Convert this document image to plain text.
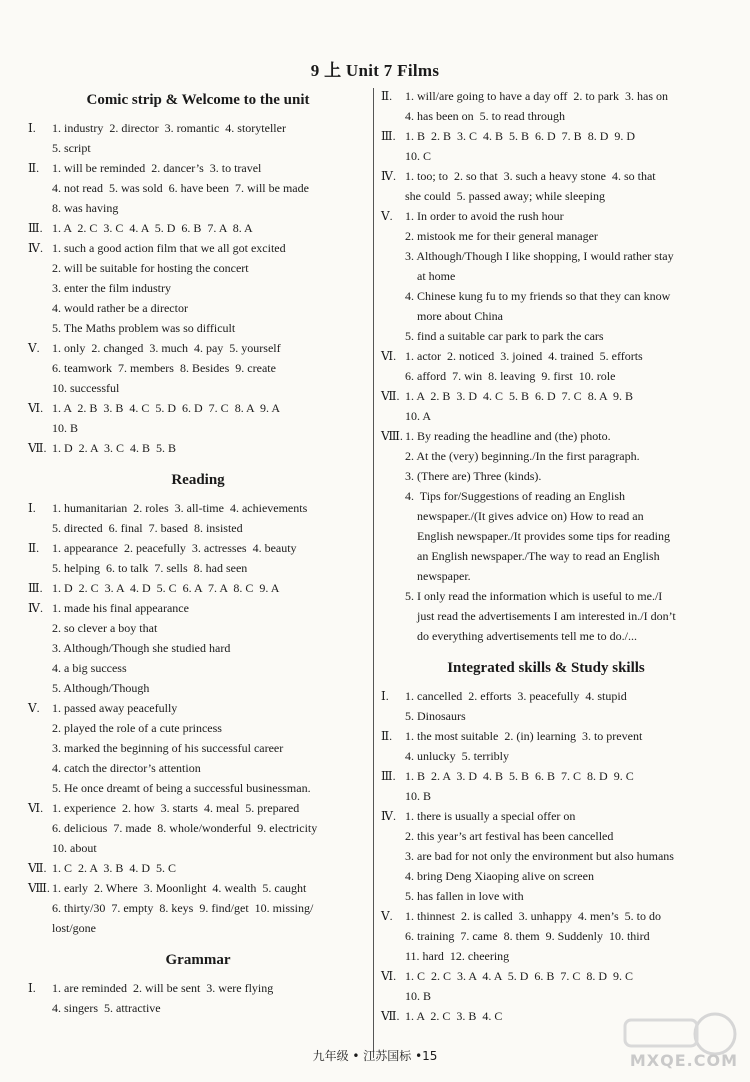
9 上 Unit 7 Films
Comic strip & Welcome to the unit
Ⅰ.	1. industry  2. director  3. romantic  4. storyteller
5. script
Ⅱ.	1. will be reminded  2. dancer’s  3. to travel
4. not read  5. was sold  6. have been  7. will be made
8. was having
Ⅲ. 1. A  2. C  3. C  4. A  5. D  6. B  7. A  8. A
Ⅳ. 1. such a good action film that we all got excited
2. will be suitable for hosting the concert
3. enter the film industry
4. would rather be a director
5. The Maths problem was so difficult
Ⅴ.	1. only  2. changed  3. much  4. pay  5. yourself
6. teamwork  7. members  8. Besides  9. create
10. successful
Ⅵ. 1. A  2. B  3. B  4. C  5. D  6. D  7. C  8. A  9. A
10. B
Ⅶ. 1. D  2. A  3. C  4. B  5. B
Reading
Ⅰ.	1. humanitarian  2. roles  3. all-time  4. achievements
5. directed  6. final  7. based  8. insisted
Ⅱ.	1. appearance  2. peacefully  3. actresses  4. beauty
5. helping  6. to talk  7. sells  8. had seen
Ⅲ. 1. D  2. C  3. A  4. D  5. C  6. A  7. A  8. C  9. A
Ⅳ. 1. made his final appearance
2. so clever a boy that
3. Although/Though she studied hard
4. a big success
5. Although/Though
Ⅴ.	1. passed away peacefully
2. played the role of a cute princess
3. marked the beginning of his successful career
4. catch the director’s attention
5. He once dreamt of being a successful businessman.
Ⅵ. 1. experience  2. how  3. starts  4. meal  5. prepared
6. delicious  7. made  8. whole/wonderful  9. electricity
10. about
Ⅶ. 1. C  2. A  3. B  4. D  5. C
Ⅷ. 1. early  2. Where  3. Moonlight  4. wealth  5. caught
6. thirty/30  7. empty  8. keys  9. find/get  10. missing/
lost/gone
Grammar
Ⅰ.	1. are reminded  2. will be sent  3. were flying
4. singers  5. attractive
Ⅱ.	1. will/are going to have a day off  2. to park  3. has on
4. has been on  5. to read through
Ⅲ. 1. B  2. B  3. C  4. B  5. B  6. D  7. B  8. D  9. D
10. C
Ⅳ. 1. too; to  2. so that  3. such a heavy stone  4. so that
she could  5. passed away; while sleeping
Ⅴ.	1. In order to avoid the rush hour
2. mistook me for their general manager
3. Although/Though I like shopping, I would rather stay
at home
4. Chinese kung fu to my friends so that they can know
more about China
5. find a suitable car park to park the cars
Ⅵ. 1. actor  2. noticed  3. joined  4. trained  5. efforts
6. afford  7. win  8. leaving  9. first  10. role
Ⅶ. 1. A  2. B  3. D  4. C  5. B  6. D  7. C  8. A  9. B
10. A
Ⅷ. 1. By reading the headline and (the) photo.
2. At the (very) beginning./In the first paragraph.
3. (There are) Three (kinds).
4.  Tips for/Suggestions of reading an English
newspaper./(It gives advice on) How to read an
English newspaper./It provides some tips for reading
an English newspaper./The way to read an English
newspaper.
5. I only read the information which is useful to me./I
just read the advertisements I am interested in./I don’t
do everything advertisements tell me to do./...
Integrated skills & Study skills
Ⅰ.	1. cancelled  2. efforts  3. peacefully  4. stupid
5. Dinosaurs
Ⅱ.	1. the most suitable  2. (in) learning  3. to prevent
4. unlucky  5. terribly
Ⅲ. 1. B  2. A  3. D  4. B  5. B  6. B  7. C  8. D  9. C
10. B
Ⅳ. 1. there is usually a special offer on
2. this year’s art festival has been cancelled
3. are bad for not only the environment but also humans
4. bring Deng Xiaoping alive on screen
5. has fallen in love with
Ⅴ.	1. thinnest  2. is called  3. unhappy  4. men’s  5. to do
6. training  7. came  8. them  9. Suddenly  10. third
11. hard  12. cheering
Ⅵ. 1. C  2. C  3. A  4. A  5. D  6. B  7. C  8. D  9. C
10. B
Ⅶ. 1. A  2. C  3. B  4. C
九年级 • 江苏国标 •15	MXQE.COM
